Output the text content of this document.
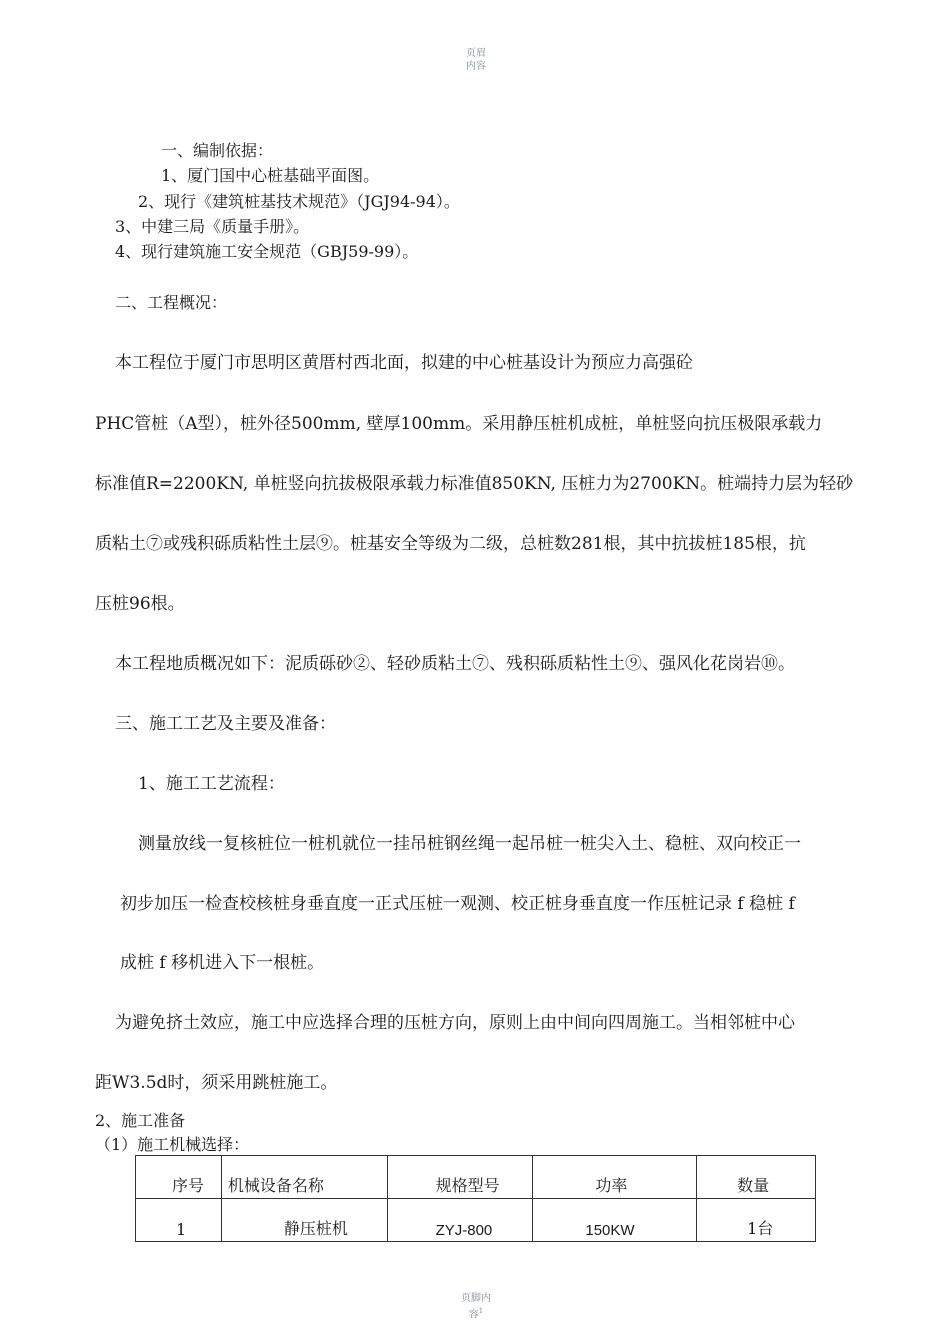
页眉
内容
一、编制依据：
1、厦门国中心桩基础平面图。
2、现行《建筑桩基技术规范》（JGJ94-94）。
3、中建三局《质量手册》。
4、现行建筑施工安全规范（GBJ59-99）。
二、工程概况：
本工程位于厦门市思明区黄厝村西北面，拟建的中心桩基设计为预应力高强砼
PHC管桩（A型），桩外径500mm, 壁厚100mm。采用静压桩机成桩，单桩竖向抗压极限承载力
标准值R=2200KN, 单桩竖向抗拔极限承载力标准值850KN, 压桩力为2700KN。桩端持力层为轻砂
质粘土⑦或残积砾质粘性土层⑨。桩基安全等级为二级，总桩数281根，其中抗拔桩185根，抗
压桩96根。
本工程地质概况如下：泥质砾砂②、轻砂质粘土⑦、残积砾质粘性土⑨、强风化花岗岩⑩。
三、施工工艺及主要及准备：
1、施工工艺流程：
测量放线一复核桩位一桩机就位一挂吊桩钢丝绳一起吊桩一桩尖入土、稳桩、双向校正一
初步加压一检查校核桩身垂直度一正式压桩一观测、校正桩身垂直度一作压桩记录 f 稳桩 f
成桩 f 移机进入下一根桩。
为避免挤土效应，施工中应选择合理的压桩方向，原则上由中间向四周施工。当相邻桩中心
距W3.5d时，须采用跳桩施工。
2、施工准备
（1）施工机械选择：
序号	机械设备名称	规格型号	功率	数量

1	静压桩机	ZYJ-800	150KW	1台
页脚内
容$^1$
